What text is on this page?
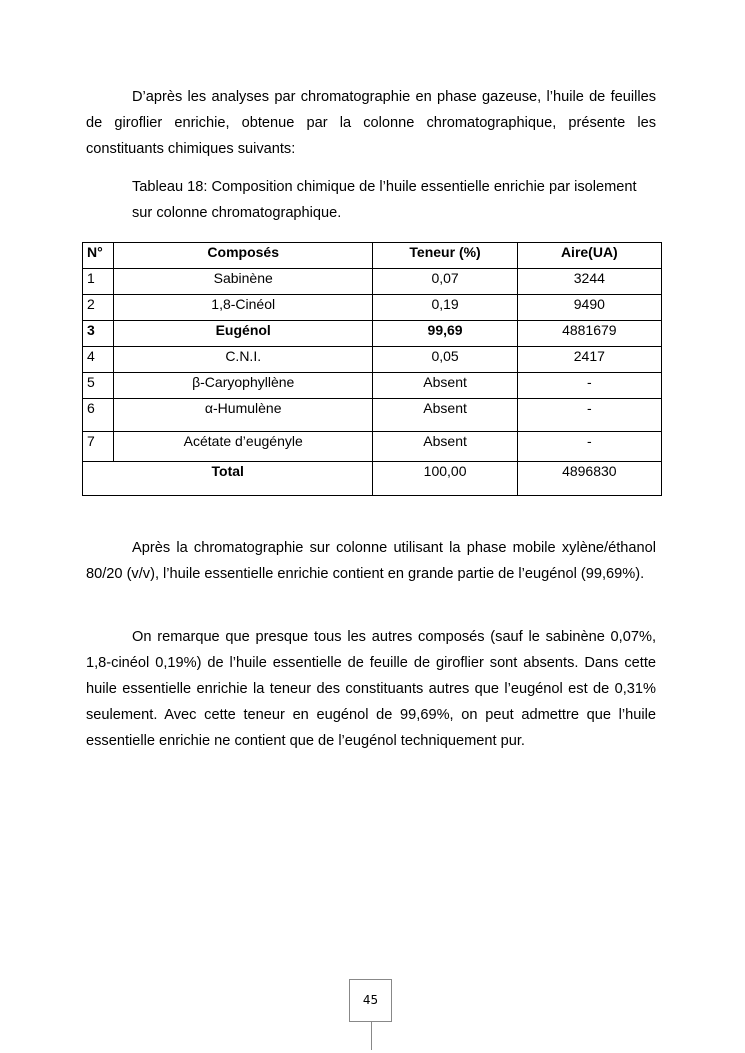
D’après les analyses par chromatographie en phase gazeuse, l’huile de feuilles de giroflier enrichie, obtenue par la colonne chromatographique, présente les constituants chimiques suivants:

Tableau 18: Composition chimique de l’huile essentielle enrichie par isolement sur colonne chromatographique.

N°	Composés	Teneur (%)	Aire(UA)
1	Sabinène	0,07	3244
2	1,8-Cinéol	0,19	9490
3	Eugénol	99,69	4881679
4	C.N.I.	0,05	2417
5	β-Caryophyllène	Absent	-
6	α-Humulène	Absent	-
7	Acétate d’eugényle	Absent	-
Total		100,00	4896830

Après la chromatographie sur colonne utilisant la phase mobile xylène/éthanol 80/20 (v/v), l’huile essentielle enrichie contient en grande partie de l’eugénol (99,69%).

On remarque que presque tous les autres composés (sauf le sabinène 0,07%, 1,8-cinéol 0,19%) de l’huile essentielle de feuille de giroflier sont absents. Dans cette huile essentielle enrichie la teneur des constituants autres que l’eugénol est de 0,31% seulement. Avec cette teneur en eugénol de 99,69%, on peut admettre que l’huile essentielle enrichie ne contient que de l’eugénol techniquement pur.

45
